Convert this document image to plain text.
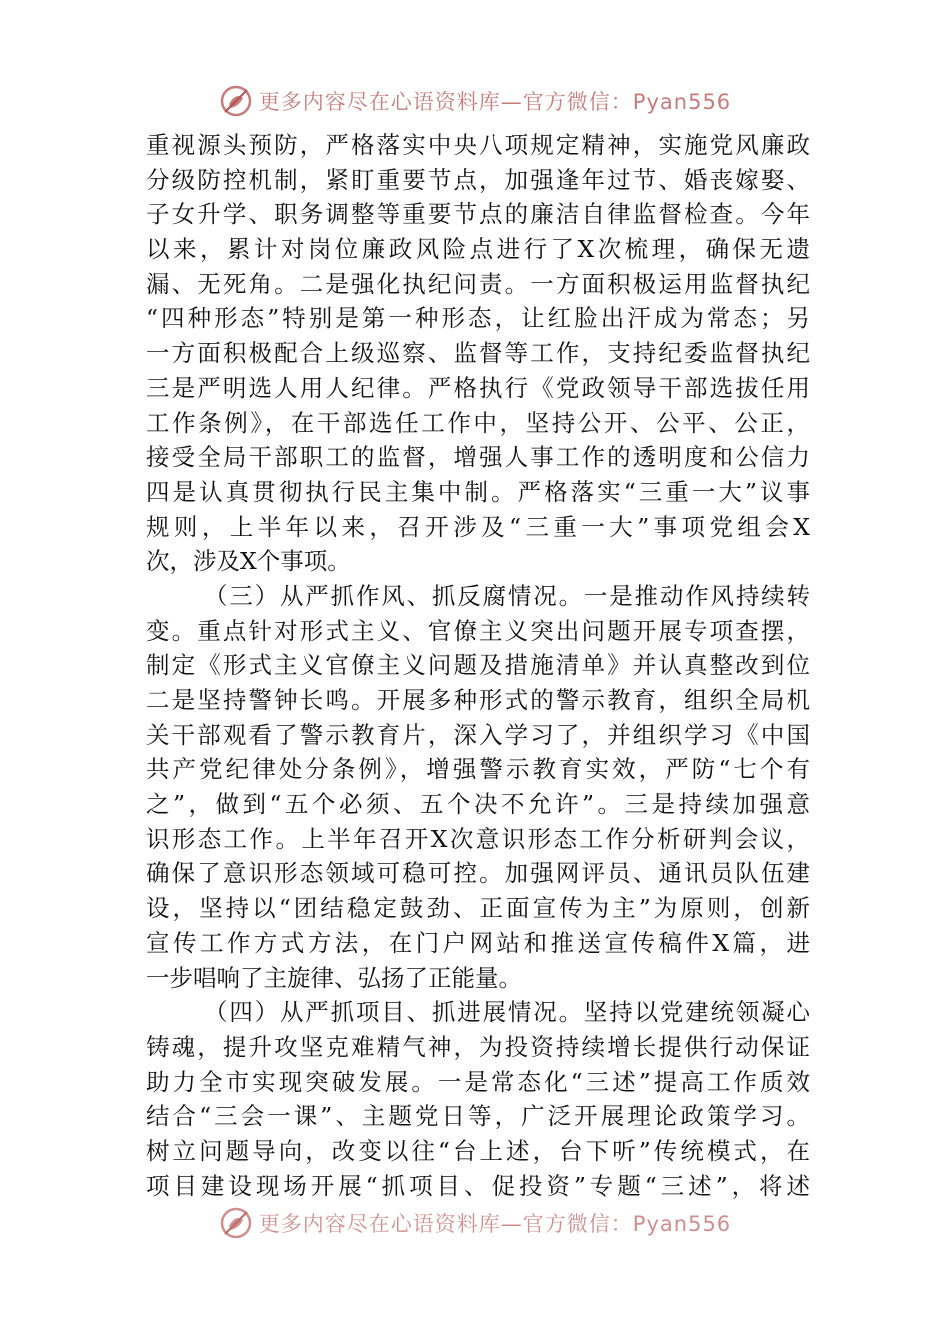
更多内容尽在心语资料库—官方微信：Pyan556
重视源头预防，严格落实中央八项规定精神，实施党风廉政
分级防控机制，紧盯重要节点，加强逢年过节、婚丧嫁娶、
子女升学、职务调整等重要节点的廉洁自律监督检查。今年
以来，累计对岗位廉政风险点进行了X次梳理，确保无遗
漏、无死角。二是强化执纪问责。一方面积极运用监督执纪
“四种形态”特别是第一种形态，让红脸出汗成为常态；另
一方面积极配合上级巡察、监督等工作，支持纪委监督执纪
三是严明选人用人纪律。严格执行《党政领导干部选拔任用
工作条例》，在干部选任工作中，坚持公开、公平、公正，
接受全局干部职工的监督，增强人事工作的透明度和公信力
四是认真贯彻执行民主集中制。严格落实“三重一大”议事
规则，上半年以来，召开涉及“三重一大”事项党组会X
次，涉及X个事项。
（三）从严抓作风、抓反腐情况。一是推动作风持续转
变。重点针对形式主义、官僚主义突出问题开展专项查摆，
制定《形式主义官僚主义问题及措施清单》并认真整改到位
二是坚持警钟长鸣。开展多种形式的警示教育，组织全局机
关干部观看了警示教育片，深入学习了，并组织学习《中国
共产党纪律处分条例》，增强警示教育实效，严防“七个有
之”，做到“五个必须、五个决不允许”。三是持续加强意
识形态工作。上半年召开X次意识形态工作分析研判会议，
确保了意识形态领域可稳可控。加强网评员、通讯员队伍建
设，坚持以“团结稳定鼓劲、正面宣传为主”为原则，创新
宣传工作方式方法，在门户网站和推送宣传稿件X篇，进
一步唱响了主旋律、弘扬了正能量。
（四）从严抓项目、抓进展情况。坚持以党建统领凝心
铸魂，提升攻坚克难精气神，为投资持续增长提供行动保证
助力全市实现突破发展。一是常态化“三述”提高工作质效
结合“三会一课”、主题党日等，广泛开展理论政策学习。
树立问题导向，改变以往“台上述，台下听”传统模式，在
项目建设现场开展“抓项目、促投资”专题“三述”，将述
更多内容尽在心语资料库—官方微信：Pyan556
